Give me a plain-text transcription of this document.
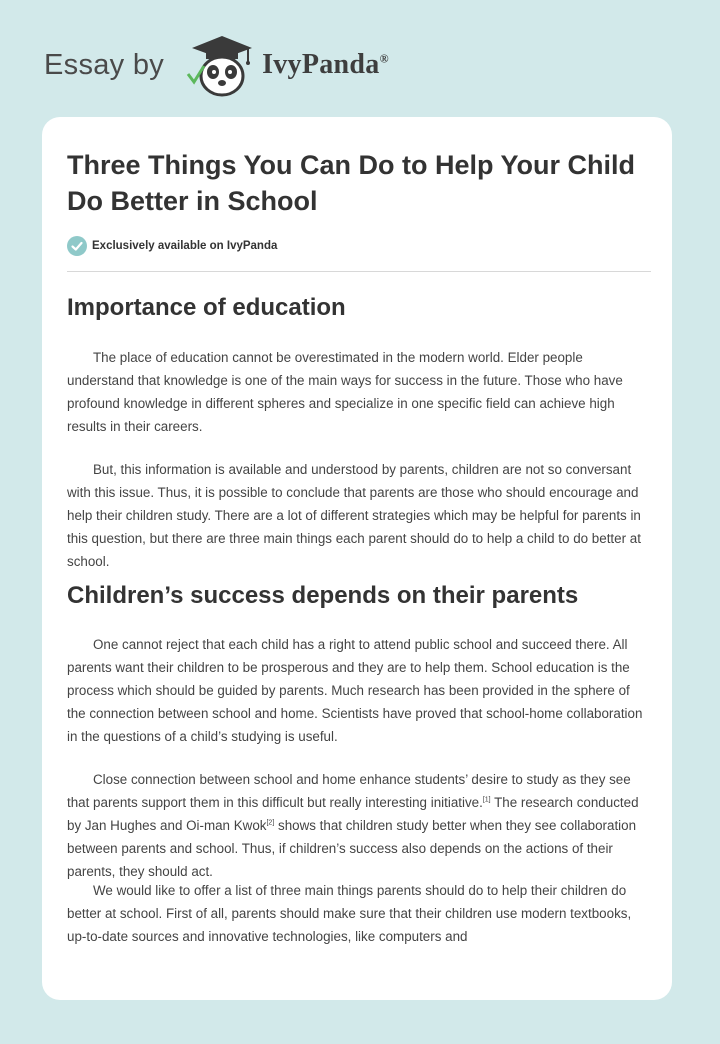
Essay by	IvyPanda®
Three Things You Can Do to Help Your Child Do Better in School
Exclusively available on IvyPanda
Importance of education

The place of education cannot be overestimated in the modern world. Elder people understand that knowledge is one of the main ways for success in the future. Those who have profound knowledge in different spheres and specialize in one specific field can achieve high results in their careers.

But, this information is available and understood by parents, children are not so conversant with this issue. Thus, it is possible to conclude that parents are those who should encourage and help their children study. There are a lot of different strategies which may be helpful for parents in this question, but there are three main things each parent should do to help a child to do better at school.

Children’s success depends on their parents

One cannot reject that each child has a right to attend public school and succeed there. All parents want their children to be prosperous and they are to help them. School education is the process which should be guided by parents. Much research has been provided in the sphere of the connection between school and home. Scientists have proved that school-home collaboration in the questions of a child’s studying is useful.

Close connection between school and home enhance students’ desire to study as they see that parents support them in this difficult but really interesting initiative.[1] The research conducted by Jan Hughes and Oi-man Kwok[2] shows that children study better when they see collaboration between parents and school. Thus, if children’s success also depends on the actions of their parents, they should act.

We would like to offer a list of three main things parents should do to help their children do better at school. First of all, parents should make sure that their children use modern textbooks, up-to-date sources and innovative technologies, like computers and
